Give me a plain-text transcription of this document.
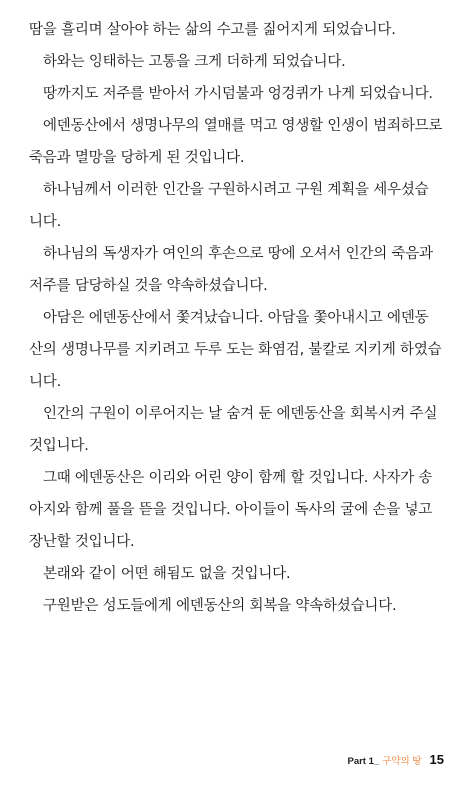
땀을 흘리며 살아야 하는 삶의 수고를 짊어지게 되었습니다.
하와는 잉태하는 고통을 크게 더하게 되었습니다.
땅까지도 저주를 받아서 가시덤불과 엉겅퀴가 나게 되었습니다.
에덴동산에서 생명나무의 열매를 먹고 영생할 인생이 범죄하므로
죽음과 멸망을 당하게 된 것입니다.
하나님께서 이러한 인간을 구원하시려고 구원 계획을 세우셨습
니다.
하나님의 독생자가 여인의 후손으로 땅에 오셔서 인간의 죽음과
저주를 담당하실 것을 약속하셨습니다.
아담은 에덴동산에서 쫓겨났습니다. 아담을 쫓아내시고 에덴동
산의 생명나무를 지키려고 두루 도는 화염검, 불칼로 지키게 하였습
니다.
인간의 구원이 이루어지는 날 숨겨 둔 에덴동산을 회복시켜 주실
것입니다.
그때 에덴동산은 이리와 어린 양이 함께 할 것입니다. 사자가 송
아지와 함께 풀을 뜯을 것입니다. 아이들이 독사의 굴에 손을 넣고
장난할 것입니다.
본래와 같이 어떤 해됨도 없을 것입니다.
구원받은 성도들에게 에덴동산의 회복을 약속하셨습니다.
Part 1_ 구약의 땅 15
